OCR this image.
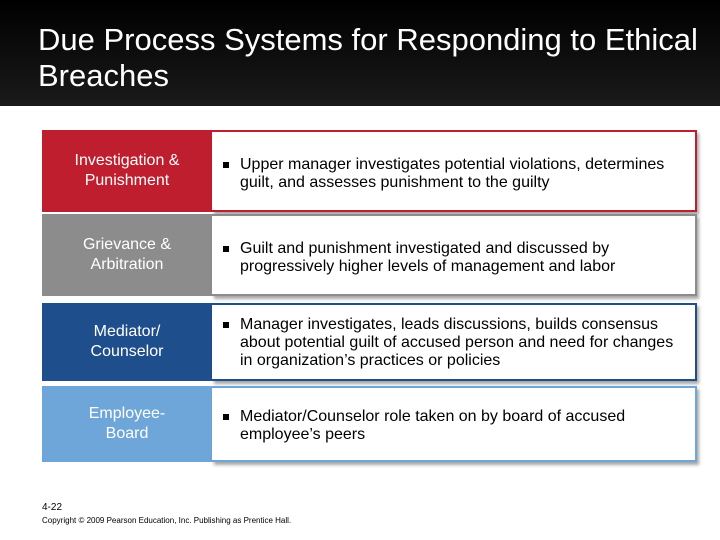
Due Process Systems for Responding to Ethical Breaches
Investigation &
Punishment
Upper manager investigates potential violations, determines guilt, and assesses punishment to the guilty
Grievance &
Arbitration
Guilt and punishment investigated and discussed by progressively higher levels of management and labor
Mediator/
Counselor
Manager investigates, leads discussions, builds consensus about potential guilt of accused person and need for changes in organization’s practices or policies
Employee-
Board
Mediator/Counselor role taken on by board of accused employee’s peers
4-22
Copyright © 2009 Pearson Education, Inc. Publishing as Prentice Hall.
